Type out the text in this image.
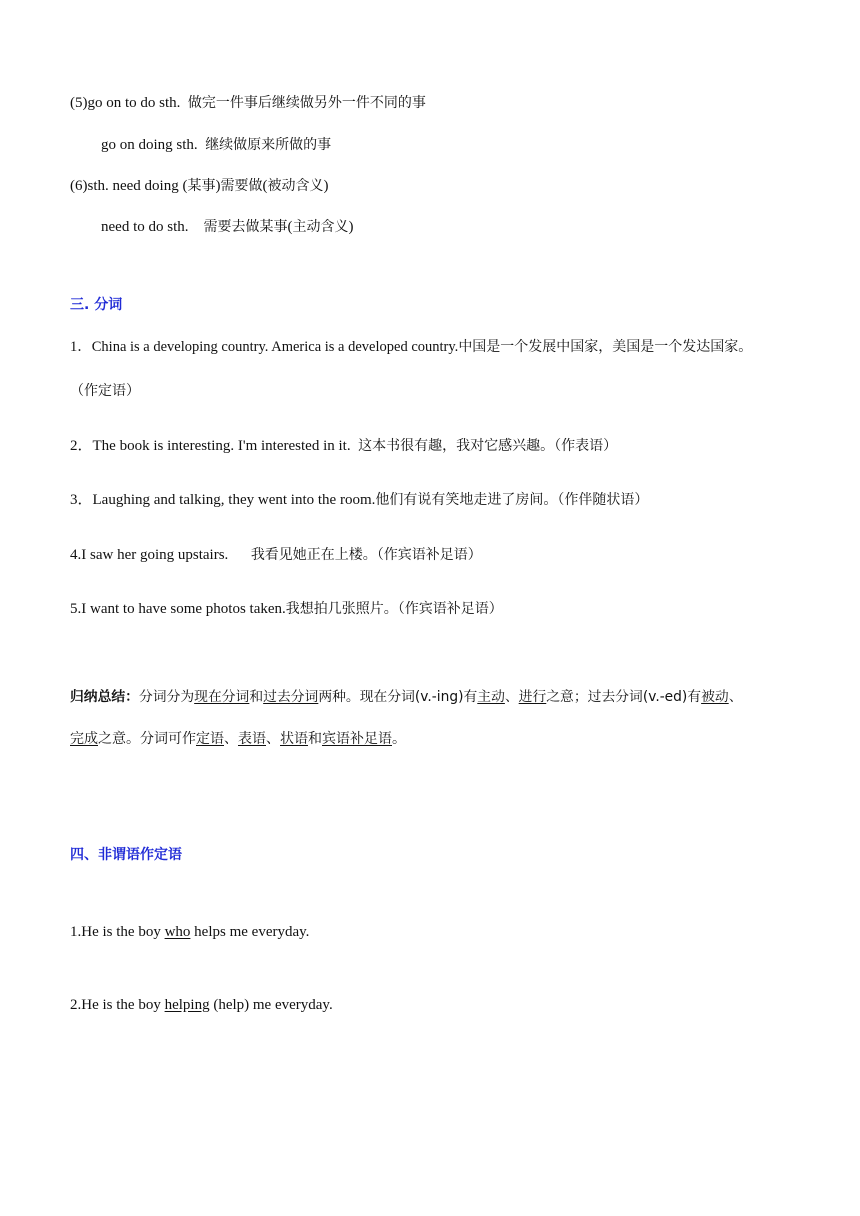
(5)go on to do sth. 做完一件事后继续做另外一件不同的事
go on doing sth. 继续做原来所做的事
(6)sth. need doing (某事)需要做(被动含义)
need to do sth. 需要去做某事(主动含义)
三. 分词
1．China is a developing country. America is a developed country.中国是一个发展中国家，美国是一个发达国家。
（作定语）
2．The book is interesting. I'm interested in it. 这本书很有趣，我对它感兴趣。（作表语）
3．Laughing and talking, they went into the room.他们有说有笑地走进了房间。（作伴随状语）
4.I saw her going upstairs. 我看见她正在上楼。（作宾语补足语）
5.I want to have some photos taken.我想拍几张照片。（作宾语补足语）
归纳总结：分词分为现在分词和过去分词两种。现在分词(v.-ing)有主动、进行之意；过去分词(v.-ed)有被动、
完成之意。分词可作定语、表语、状语和宾语补足语。
四、非谓语作定语
1.He is the boy who helps me everyday.
2.He is the boy helping (help) me everyday.
